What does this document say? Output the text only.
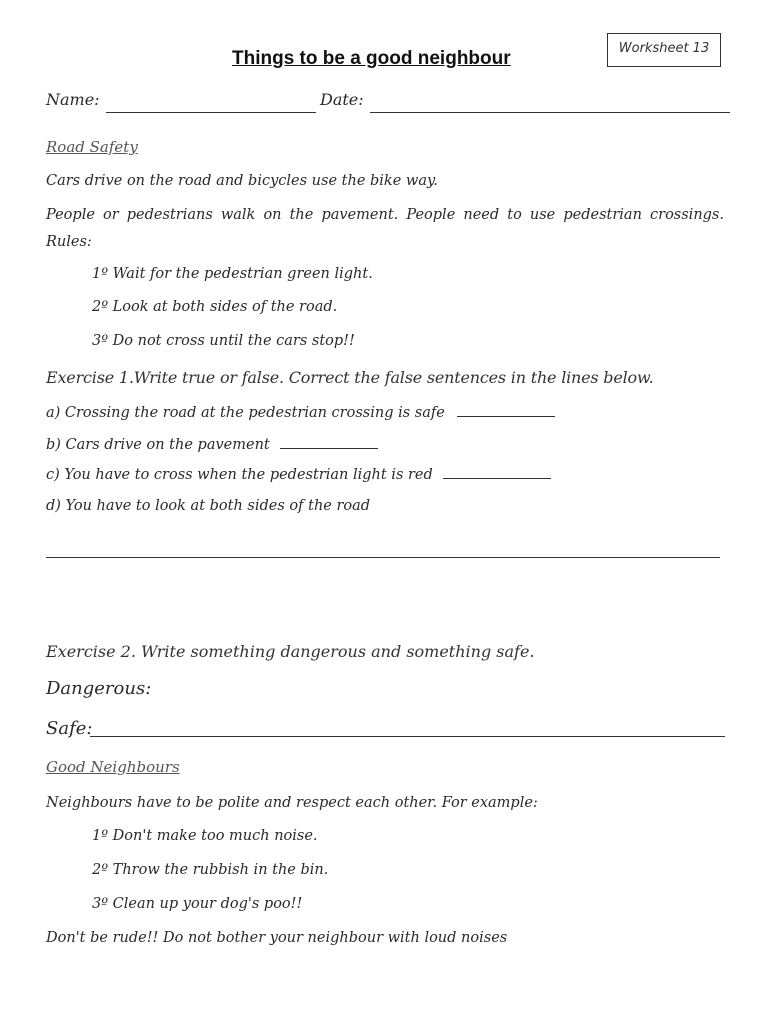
Worksheet 13
Things to be a good neighbour
Name:	Date:
Road Safety
Cars drive on the road and bicycles use the bike way.
People or pedestrians walk on the pavement. People need to use pedestrian crossings. Rules:
1º Wait for the pedestrian green light.
2º Look at both sides of the road.
3º Do not cross until the cars stop!!
Exercise 1.Write true or false. Correct the false sentences in the lines below.
a) Crossing the road at the pedestrian crossing is safe
b) Cars drive on the pavement
c) You have to cross when the pedestrian light is red
d) You have to look at both sides of the road
Exercise 2. Write something dangerous and something safe.
Dangerous:
Safe:
Good Neighbours
Neighbours have to be polite and respect each other. For example:
1º Don't make too much noise.
2º Throw the rubbish in the bin.
3º Clean up your dog's poo!!
Don't be rude!! Do not bother your neighbour with loud noises
